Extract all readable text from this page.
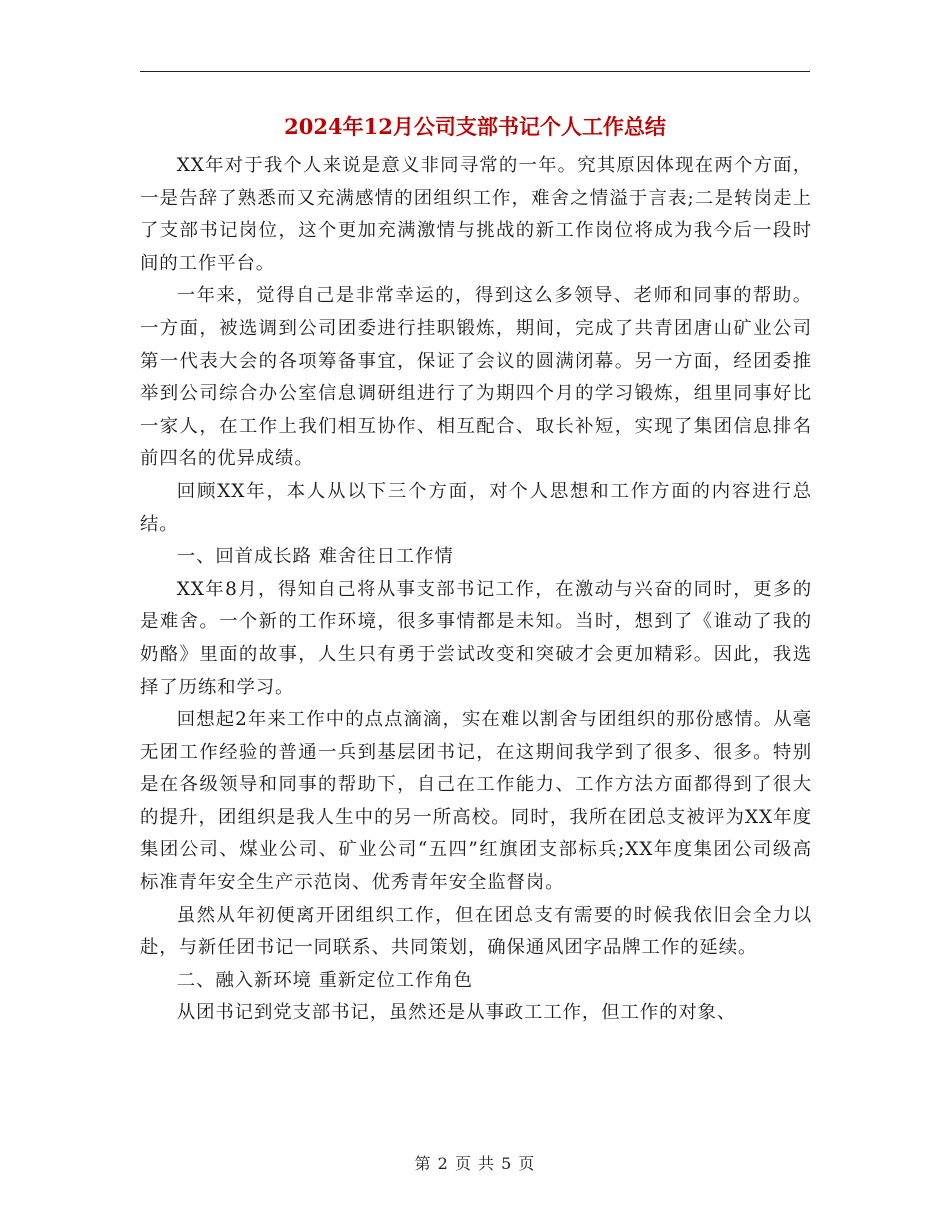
2024年12月公司支部书记个人工作总结

XX年对于我个人来说是意义非同寻常的一年。究其原因体现在两个方面，一是告辞了熟悉而又充满感情的团组织工作，难舍之情溢于言表;二是转岗走上了支部书记岗位，这个更加充满激情与挑战的新工作岗位将成为我今后一段时间的工作平台。

一年来，觉得自己是非常幸运的，得到这么多领导、老师和同事的帮助。一方面，被选调到公司团委进行挂职锻炼，期间，完成了共青团唐山矿业公司第一代表大会的各项筹备事宜，保证了会议的圆满闭幕。另一方面，经团委推举到公司综合办公室信息调研组进行了为期四个月的学习锻炼，组里同事好比一家人，在工作上我们相互协作、相互配合、取长补短，实现了集团信息排名前四名的优异成绩。

回顾XX年，本人从以下三个方面，对个人思想和工作方面的内容进行总结。

一、回首成长路 难舍往日工作情

XX年8月，得知自己将从事支部书记工作，在激动与兴奋的同时，更多的是难舍。一个新的工作环境，很多事情都是未知。当时，想到了《谁动了我的奶酪》里面的故事，人生只有勇于尝试改变和突破才会更加精彩。因此，我选择了历练和学习。

回想起2年来工作中的点点滴滴，实在难以割舍与团组织的那份感情。从毫无团工作经验的普通一兵到基层团书记，在这期间我学到了很多、很多。特别是在各级领导和同事的帮助下，自己在工作能力、工作方法方面都得到了很大的提升，团组织是我人生中的另一所高校。同时，我所在团总支被评为XX年度集团公司、煤业公司、矿业公司“五四”红旗团支部标兵;XX年度集团公司级高标准青年安全生产示范岗、优秀青年安全监督岗。

虽然从年初便离开团组织工作，但在团总支有需要的时候我依旧会全力以赴，与新任团书记一同联系、共同策划，确保通风团字品牌工作的延续。

二、融入新环境 重新定位工作角色

从团书记到党支部书记，虽然还是从事政工工作，但工作的对象、

第 2 页 共 5 页
